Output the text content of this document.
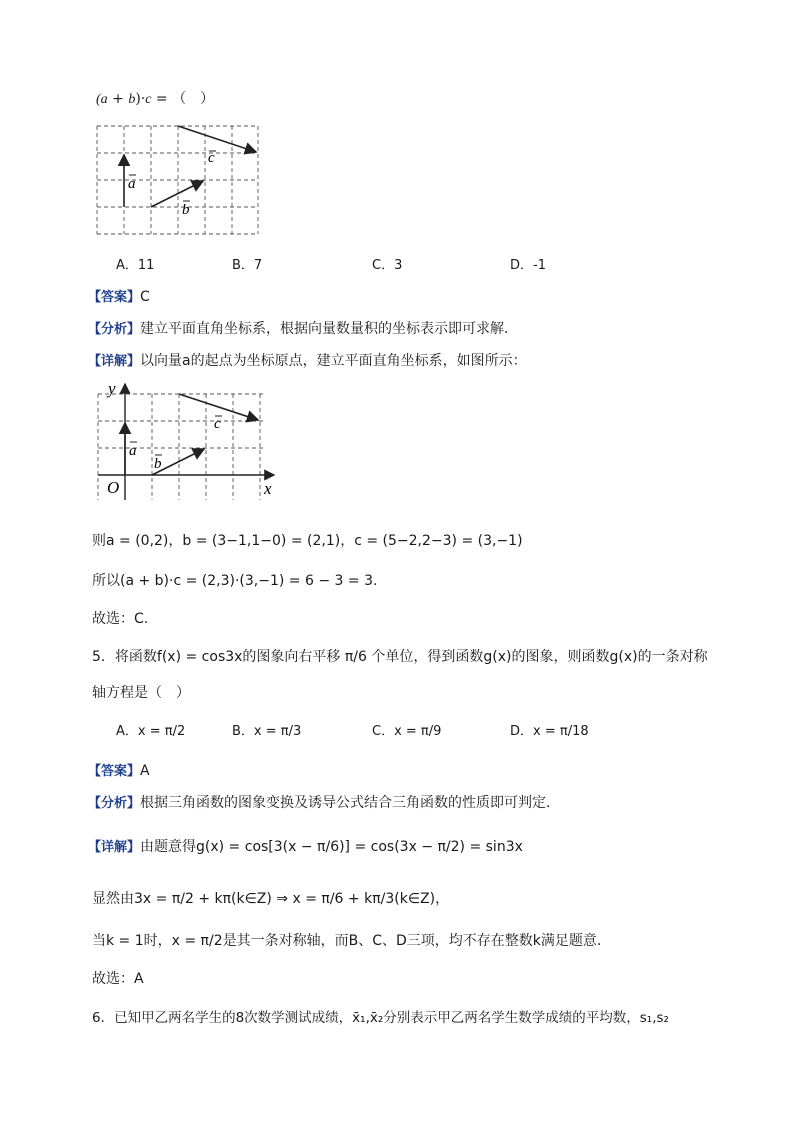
(a + b)·c = （　）
a
b
c
A．11	B．7	C．3	D．-1
【答案】C
【分析】建立平面直角坐标系，根据向量数量积的坐标表示即可求解．
【详解】以向量a的起点为坐标原点，建立平面直角坐标系，如图所示：
y
x
O
a
b
c
则a = (0,2)，b = (3−1,1−0) = (2,1)，c = (5−2,2−3) = (3,−1)
所以(a + b)·c = (2,3)·(3,−1) = 6 − 3 = 3.
故选：C.
5．将函数f(x) = cos3x的图象向右平移 π/6 个单位，得到函数g(x)的图象，则函数g(x)的一条对称
轴方程是（　）
A．x = π/2	B．x = π/3	C．x = π/9	D．x = π/18
【答案】A
【分析】根据三角函数的图象变换及诱导公式结合三角函数的性质即可判定.
【详解】由题意得g(x) = cos[3(x − π/6)] = cos(3x − π/2) = sin3x
显然由3x = π/2 + kπ(k∈Z) ⇒ x = π/6 + kπ/3(k∈Z)，
当k = 1时，x = π/2是其一条对称轴，而B、C、D三项，均不存在整数k满足题意.
故选：A
6．已知甲乙两名学生的8次数学测试成绩，x̄₁,x̄₂分别表示甲乙两名学生数学成绩的平均数，s₁,s₂
